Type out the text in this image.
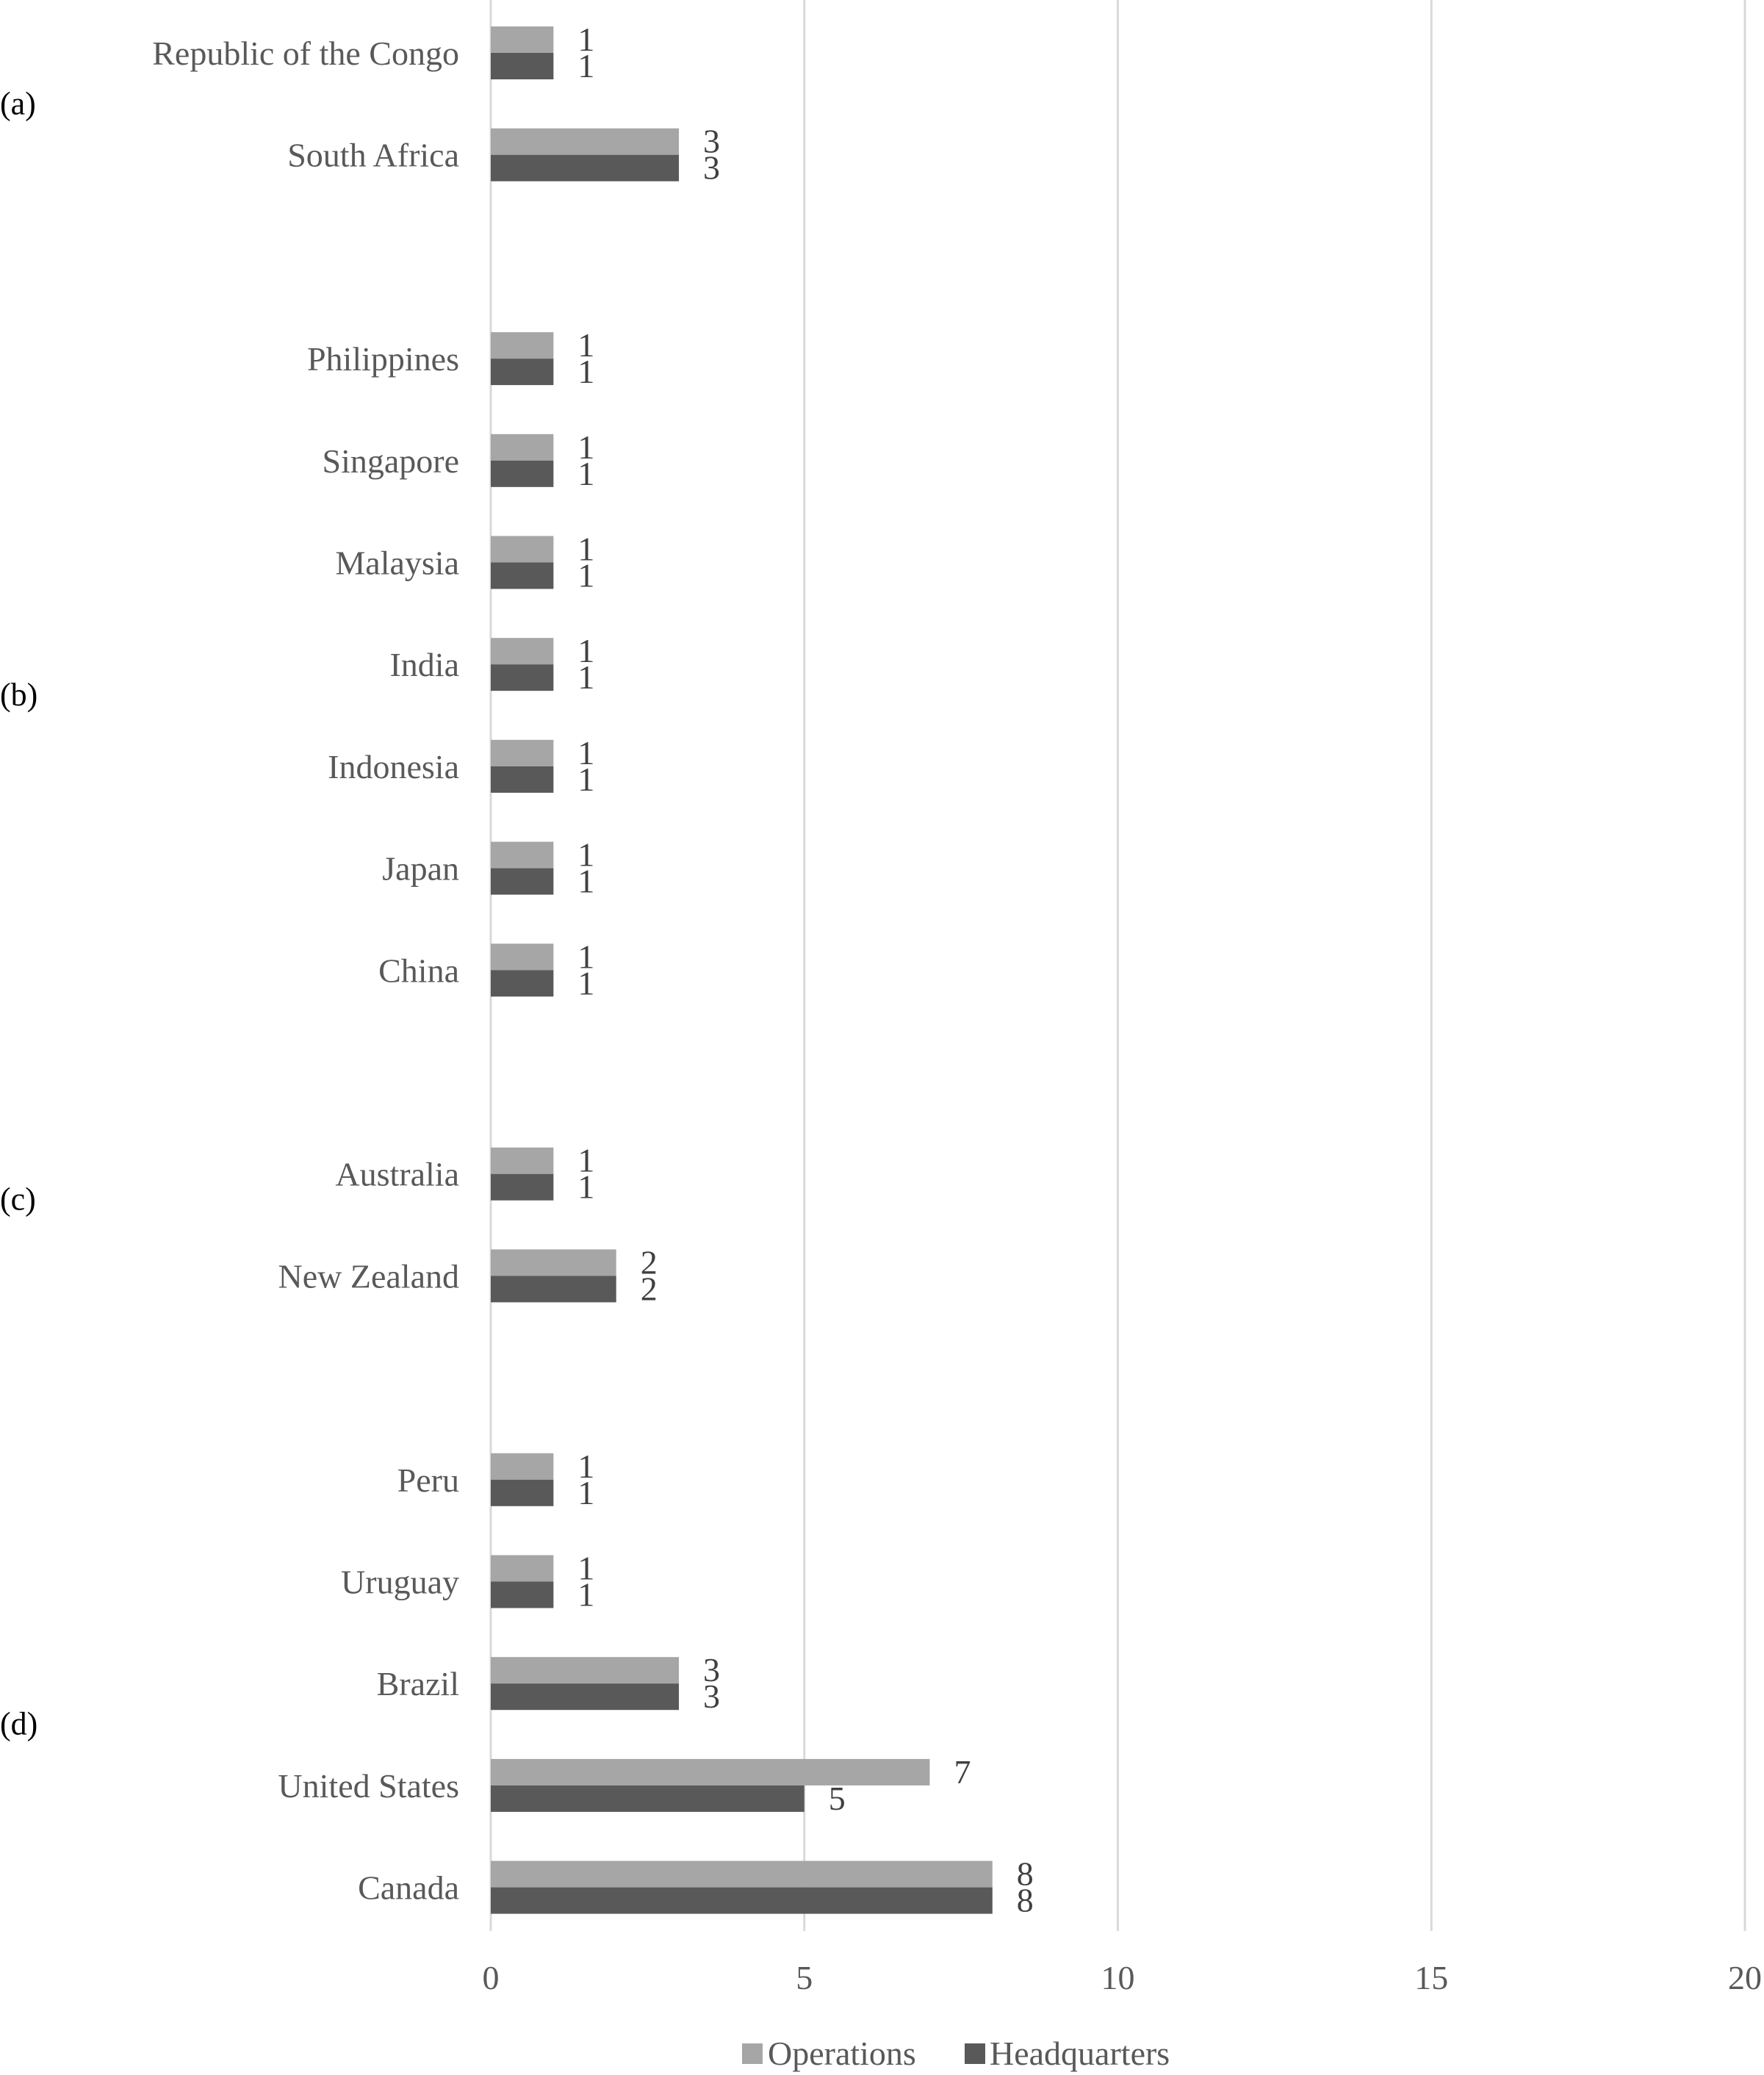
0	5	10	15	20
Republic of the Congo	1
1
South Africa	3
3
(a)
Philippines	1
1
Singapore	1
1
Malaysia	1
1
India	1
1
Indonesia	1
1
Japan	1
1
China	1
1
(b)
Australia	1
1
New Zealand	2
2
(c)
Peru	1
1
Uruguay	1
1
Brazil	3
3
United States	7
5
Canada	8
8
(d)
Operations Headquarters
